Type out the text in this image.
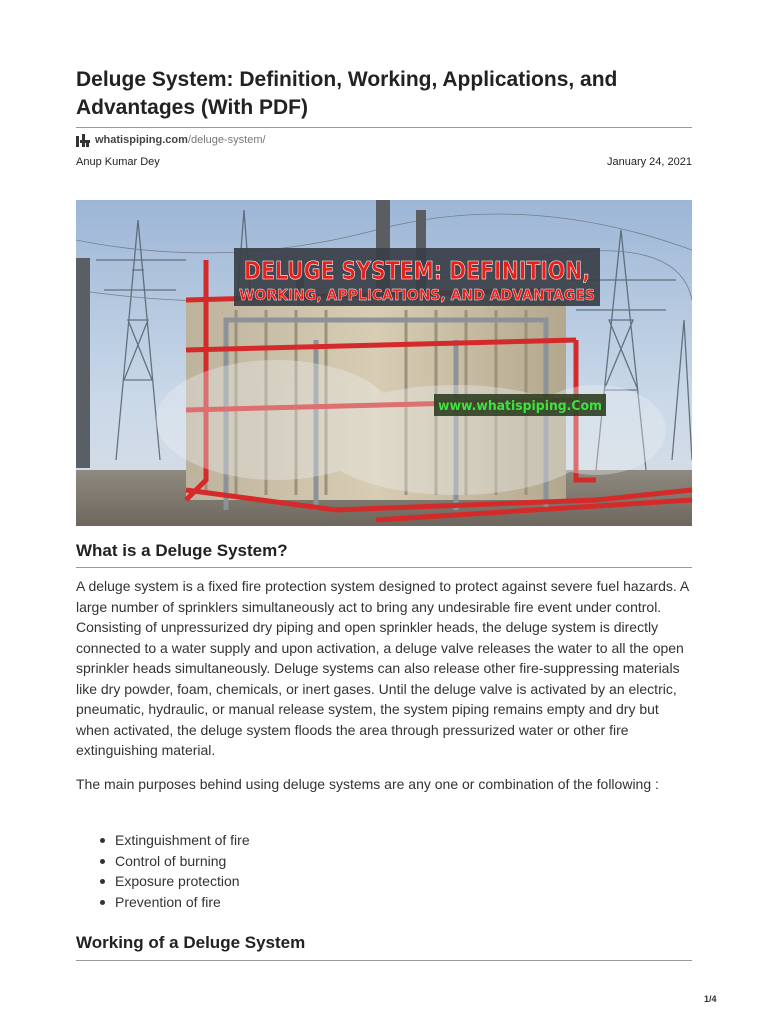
Deluge System: Definition, Working, Applications, and Advantages (With PDF)
whatispiping.com /deluge-system/
Anup Kumar Dey	January 24, 2021
DELUGE SYSTEM: DEFINITION,
WORKING, APPLICATIONS, AND ADVANTAGES
www.whatispiping.Com
What is a Deluge System?

A deluge system is a fixed fire protection system designed to protect against severe fuel hazards. A large number of sprinklers simultaneously act to bring any undesirable fire event under control. Consisting of unpressurized dry piping and open sprinkler heads, the deluge system is directly connected to a water supply and upon activation, a deluge valve releases the water to all the open sprinkler heads simultaneously. Deluge systems can also release other fire-suppressing materials like dry powder, foam, chemicals, or inert gases. Until the deluge valve is activated by an electric, pneumatic, hydraulic, or manual release system, the system piping remains empty and dry but when activated, the deluge system floods the area through pressurized water or other fire extinguishing material.

The main purposes behind using deluge systems are any one or combination of the following :

Extinguishment of fire
Control of burning
Exposure protection
Prevention of fire
Working of a Deluge System
1/4
